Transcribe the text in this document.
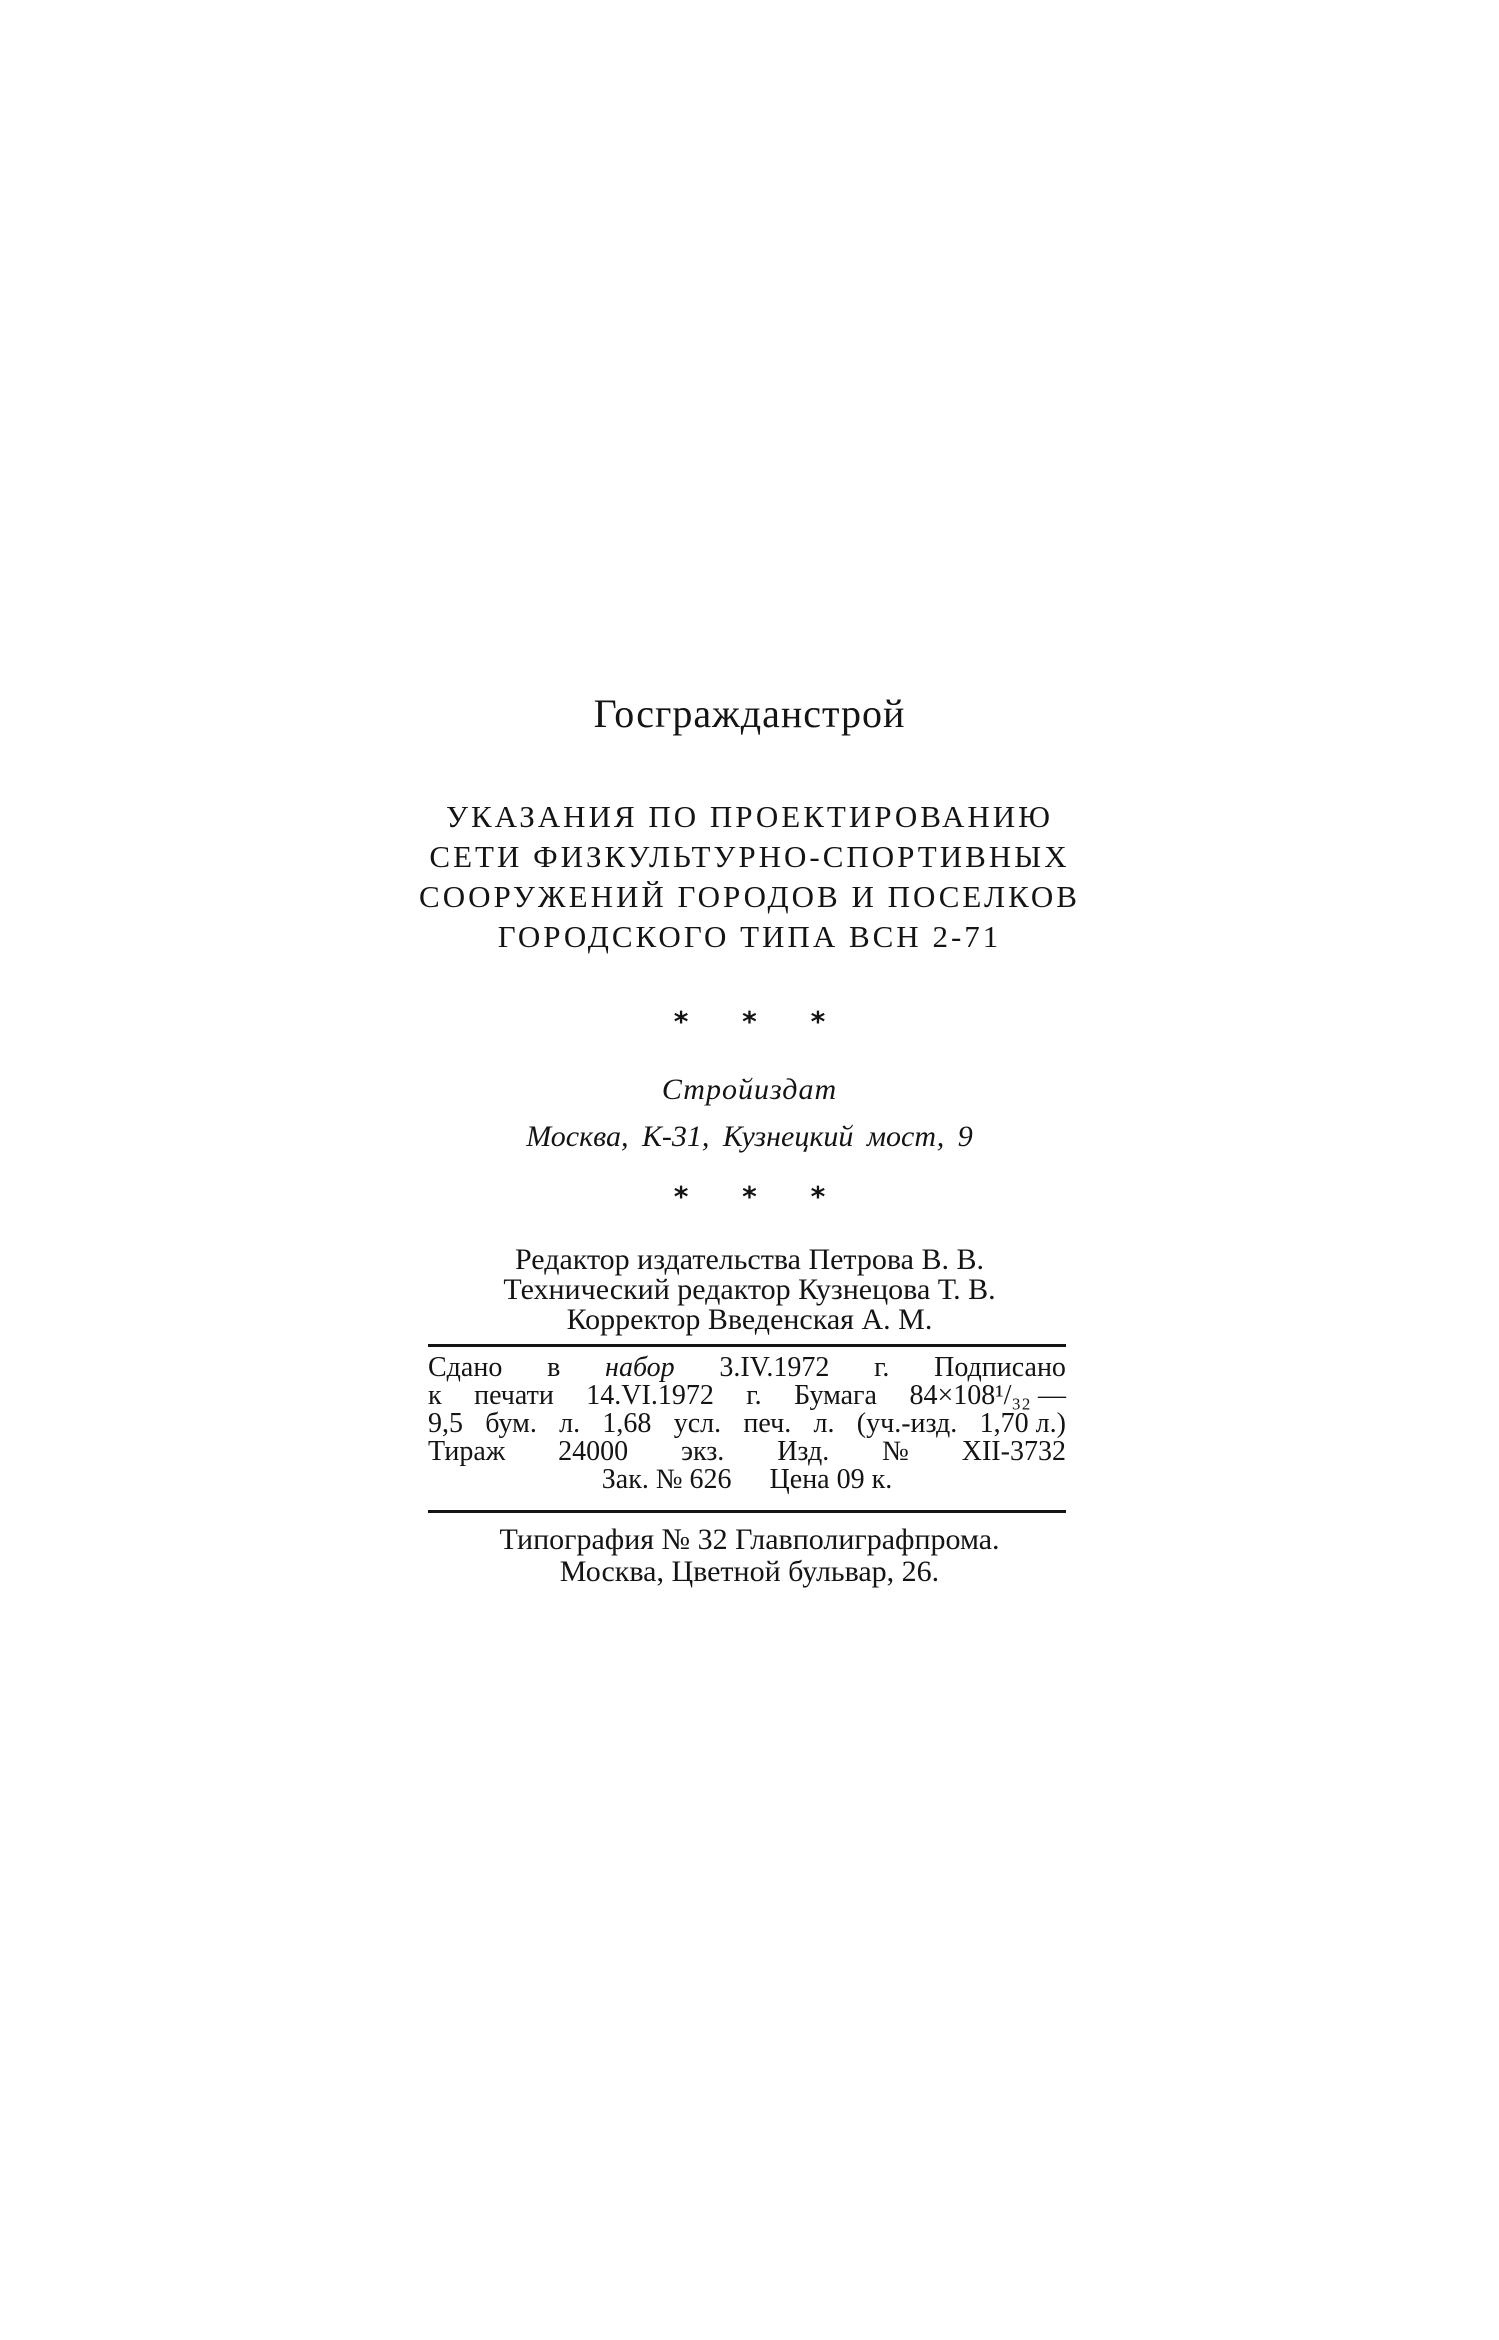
Госгражданстрой
УКАЗАНИЯ ПО ПРОЕКТИРОВАНИЮ
СЕТИ ФИЗКУЛЬТУРНО-СПОРТИВНЫХ
СООРУЖЕНИЙ ГОРОДОВ И ПОСЕЛКОВ
ГОРОДСКОГО ТИПА ВСН 2-71
* * *
Стройиздат
Москва, К-31, Кузнецкий мост, 9
* * *
Редактор издательства Петрова В. В.
Технический редактор Кузнецова Т. В.
Корректор Введенская А. М.
Сдано в набор 3.IV.1972 г. Подписано
к печати 14.VI.1972 г. Бумага 84×108¹/₃₂ —
9,5 бум. л. 1,68 усл. печ. л. (уч.-изд. 1,70 л.)
Тираж 24000 экз. Изд. № XII-3732
Зак. № 626 Цена 09 к.
Типография № 32 Главполиграфпрома.
Москва, Цветной бульвар, 26.
